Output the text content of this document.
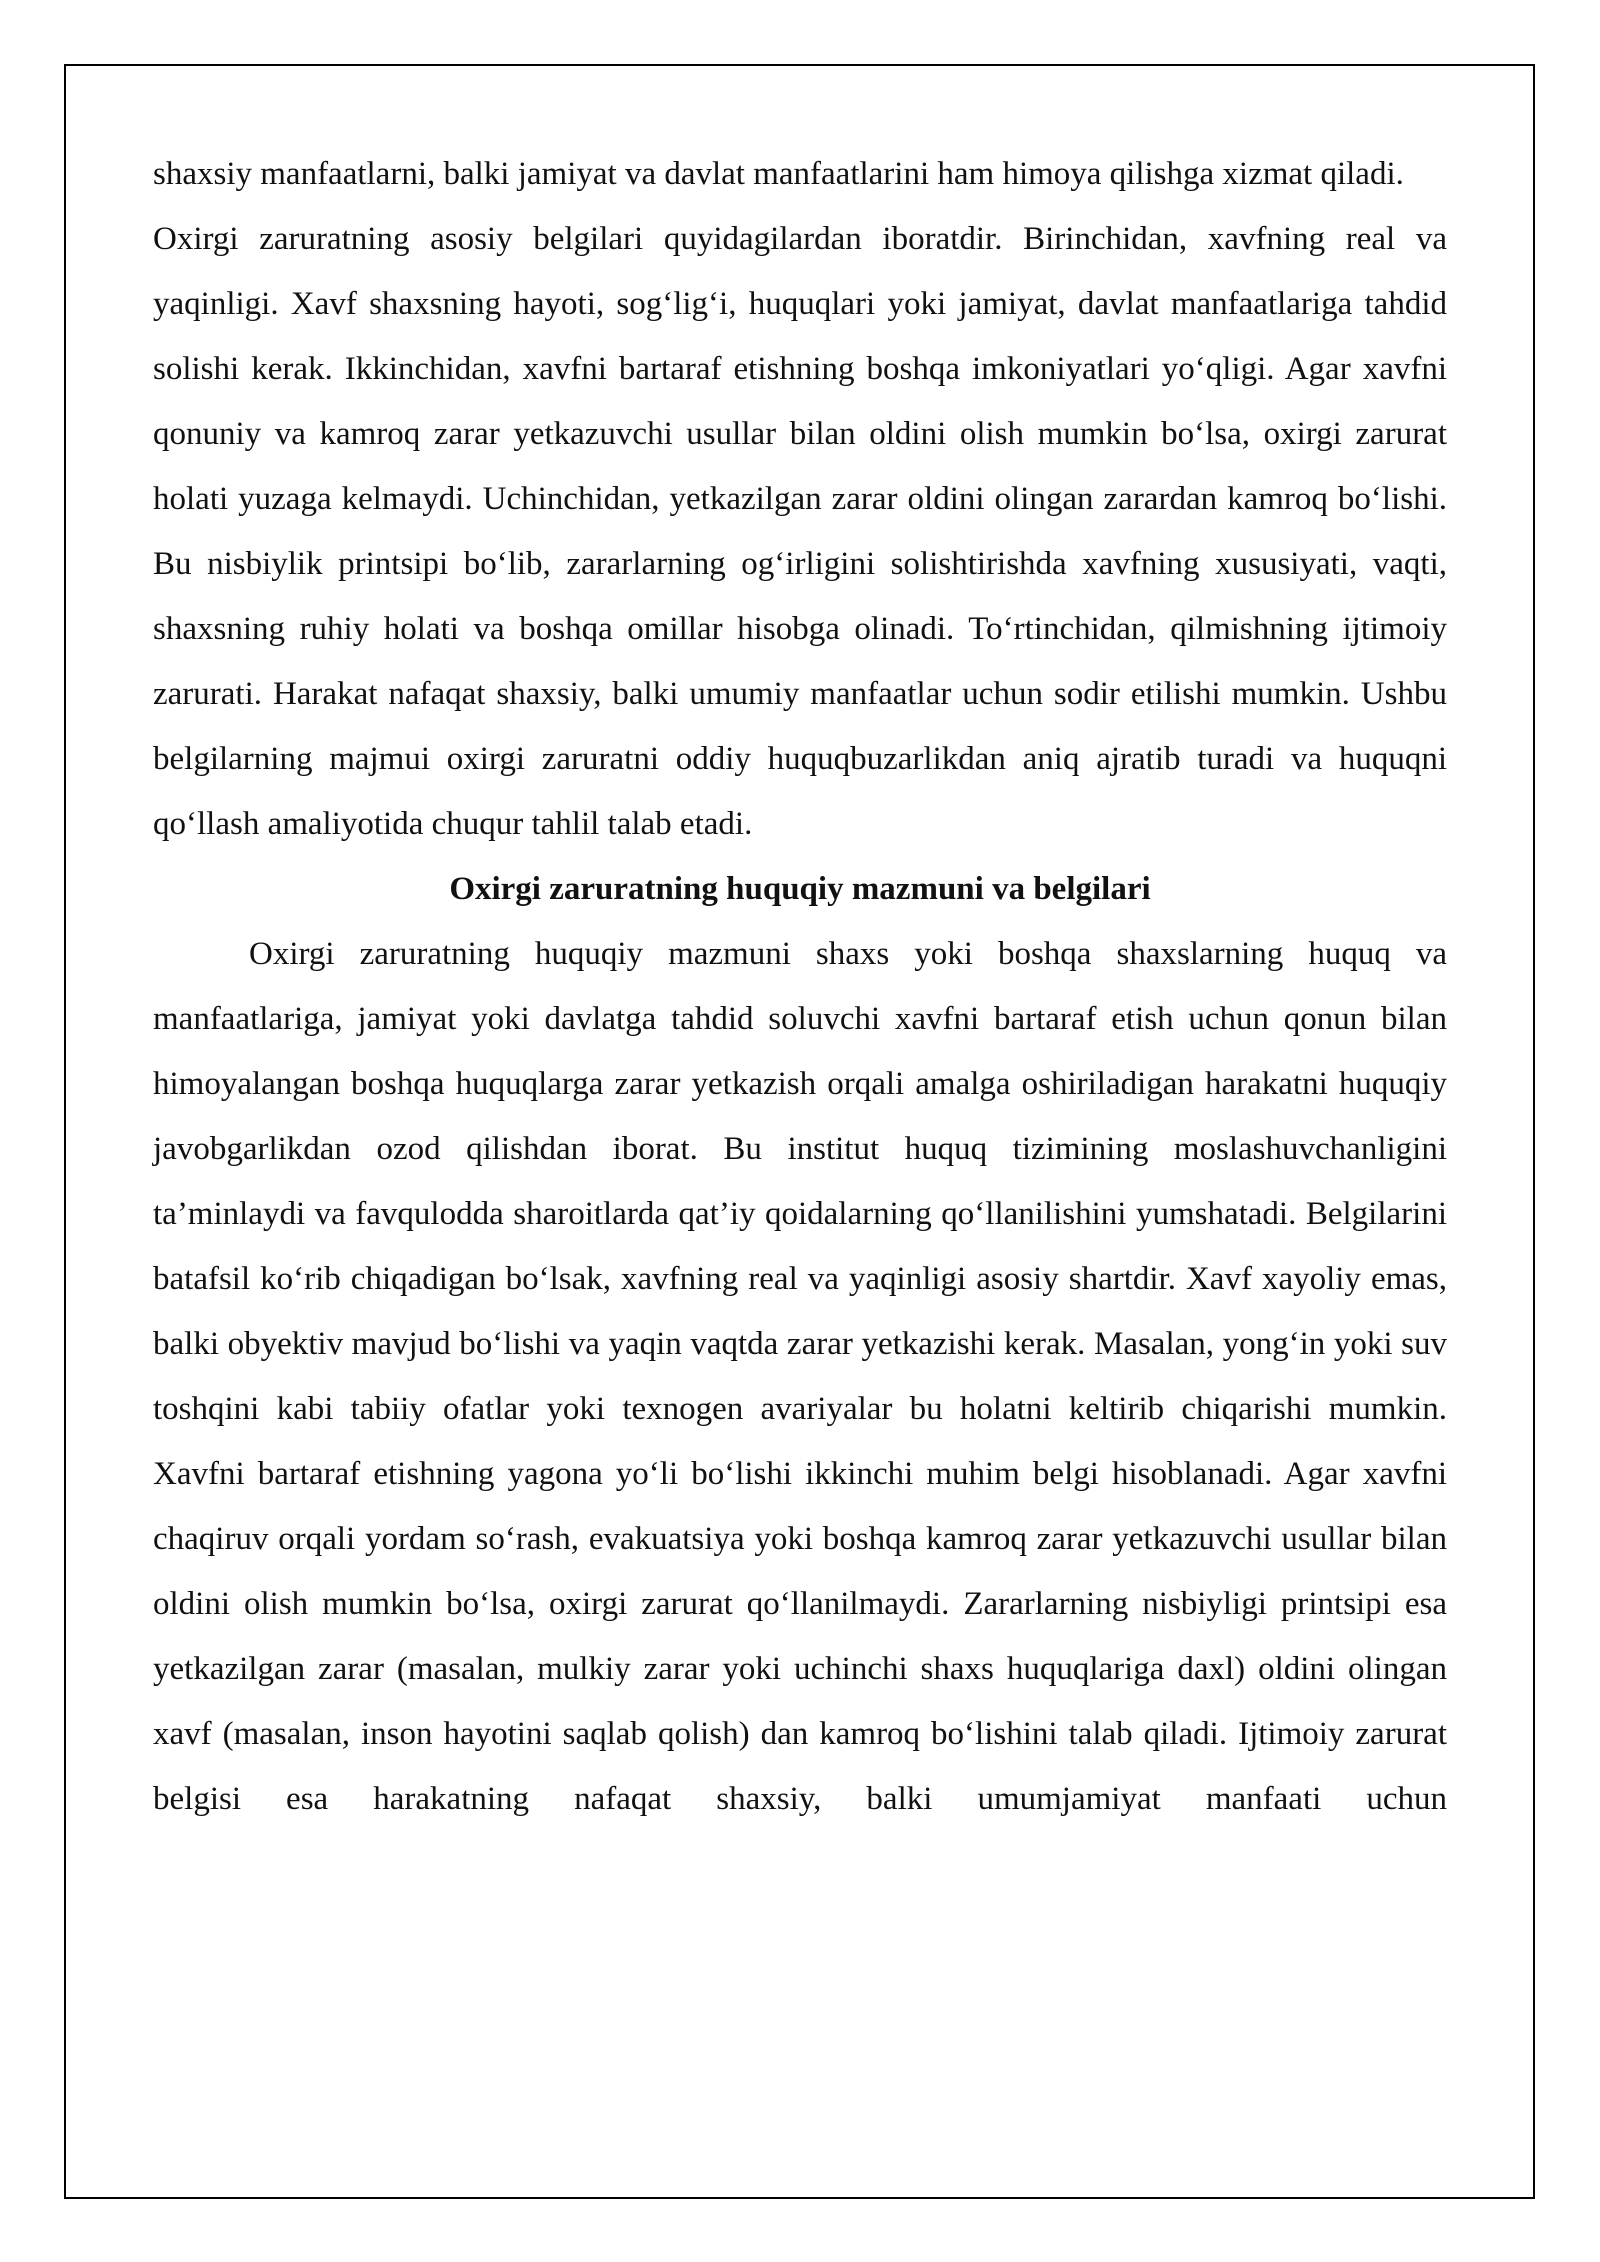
shaxsiy manfaatlarni, balki jamiyat va davlat manfaatlarini ham himoya qilishga xizmat qiladi.

Oxirgi zaruratning asosiy belgilari quyidagilardan iboratdir. Birinchidan, xavfning real va yaqinligi. Xavf shaxsning hayoti, sog‘lig‘i, huquqlari yoki jamiyat, davlat manfaatlariga tahdid solishi kerak. Ikkinchidan, xavfni bartaraf etishning boshqa imkoniyatlari yo‘qligi. Agar xavfni qonuniy va kamroq zarar yetkazuvchi usullar bilan oldini olish mumkin bo‘lsa, oxirgi zarurat holati yuzaga kelmaydi. Uchinchidan, yetkazilgan zarar oldini olingan zarardan kamroq bo‘lishi. Bu nisbiylik printsipi bo‘lib, zararlarning og‘irligini solishtirishda xavfning xususiyati, vaqti, shaxsning ruhiy holati va boshqa omillar hisobga olinadi. To‘rtinchidan, qilmishning ijtimoiy zarurati. Harakat nafaqat shaxsiy, balki umumiy manfaatlar uchun sodir etilishi mumkin. Ushbu belgilarning majmui oxirgi zaruratni oddiy huquqbuzarlikdan aniq ajratib turadi va huquqni qo‘llash amaliyotida chuqur tahlil talab etadi.

Oxirgi zaruratning huquqiy mazmuni va belgilari

Oxirgi zaruratning huquqiy mazmuni shaxs yoki boshqa shaxslarning huquq va manfaatlariga, jamiyat yoki davlatga tahdid soluvchi xavfni bartaraf etish uchun qonun bilan himoyalangan boshqa huquqlarga zarar yetkazish orqali amalga oshiriladigan harakatni huquqiy javobgarlikdan ozod qilishdan iborat. Bu institut huquq tizimining moslashuvchanligini ta’minlaydi va favqulodda sharoitlarda qat’iy qoidalarning qo‘llanilishini yumshatadi. Belgilarini batafsil ko‘rib chiqadigan bo‘lsak, xavfning real va yaqinligi asosiy shartdir. Xavf xayoliy emas, balki obyektiv mavjud bo‘lishi va yaqin vaqtda zarar yetkazishi kerak. Masalan, yong‘in yoki suv toshqini kabi tabiiy ofatlar yoki texnogen avariyalar bu holatni keltirib chiqarishi mumkin. Xavfni bartaraf etishning yagona yo‘li bo‘lishi ikkinchi muhim belgi hisoblanadi. Agar xavfni chaqiruv orqali yordam so‘rash, evakuatsiya yoki boshqa kamroq zarar yetkazuvchi usullar bilan oldini olish mumkin bo‘lsa, oxirgi zarurat qo‘llanilmaydi. Zararlarning nisbiyligi printsipi esa yetkazilgan zarar (masalan, mulkiy zarar yoki uchinchi shaxs huquqlariga daxl) oldini olingan xavf (masalan, inson hayotini saqlab qolish) dan kamroq bo‘lishini talab qiladi. Ijtimoiy zarurat belgisi esa harakatning nafaqat shaxsiy, balki umumjamiyat manfaati uchun
